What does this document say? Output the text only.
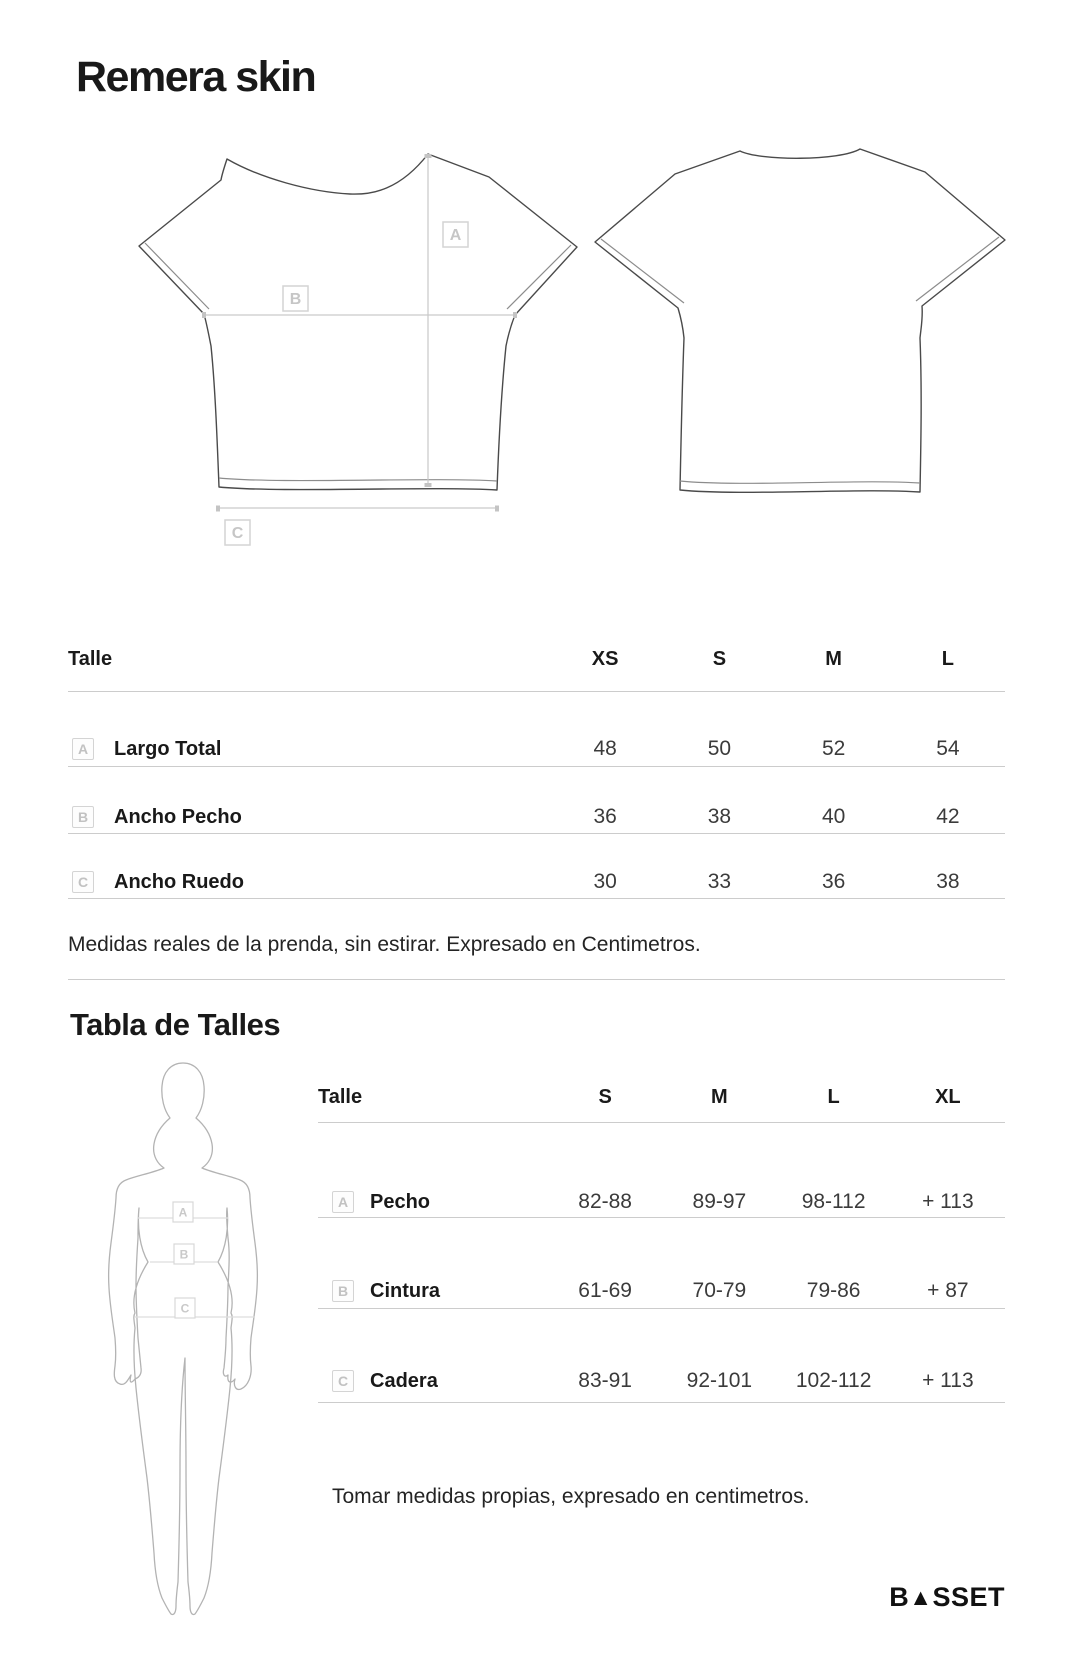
Remera skin
A
B
C
Talle	XS	S	M	L
A Largo Total	48	50	52	54
B Ancho Pecho	36	38	40	42
C Ancho Ruedo	30	33	36	38
Medidas reales de la prenda, sin estirar. Expresado en Centimetros.
Tabla de Talles
A
B
C
Talle	S	M	L	XL
A Pecho	82-88	89-97	98-112	+ 113
B Cintura	61-69	70-79	79-86	+ 87
C Cadera	83-91	92-101	102-112	+ 113
Tomar medidas propias, expresado en centimetros.
B ▲ SSET
